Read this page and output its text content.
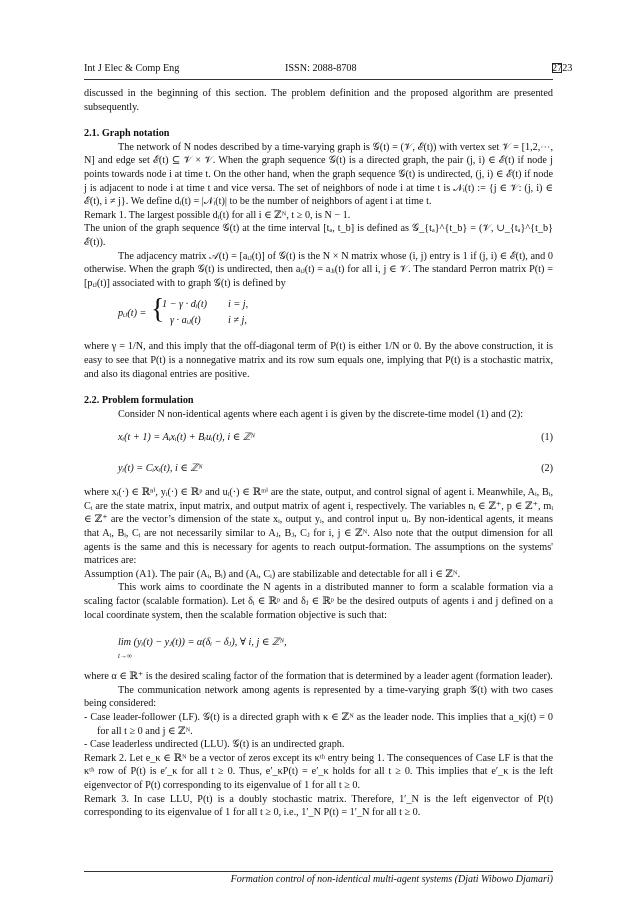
Int J Elec & Comp Eng	ISSN: 2088-8708	2723

discussed in the beginning of this section. The problem definition and the proposed algorithm are presented subsequently.

2.1. Graph notation

The network of N nodes described by a time-varying graph is 𝒢(t) = (𝒱, ℰ(t)) with vertex set 𝒱 = [1,2,⋯, N] and edge set ℰ(t) ⊆ 𝒱 × 𝒱. When the graph sequence 𝒢(t) is a directed graph, the pair (j, i) ∈ ℰ(t) if node j points towards node i at time t. On the other hand, when the graph sequence 𝒢(t) is undirected, (j, i) ∈ ℰ(t) if node j is adjacent to node i at time t and vice versa. The set of neighbors of node i at time t is 𝒩ᵢ(t) := {j ∈ 𝒱: (j, i) ∈ ℰ(t), i ≠ j}. We define dᵢ(t) = |𝒩ᵢ(t)| to be the number of neighbors of agent i at time t.

Remark 1. The largest possible dᵢ(t) for all i ∈ ℤᴺ, t ≥ 0, is N − 1.

The union of the graph sequence 𝒢(t) at the time interval [tₐ, t_b] is defined as 𝒢_{tₐ}^{t_b} = (𝒱, ∪_{tₐ}^{t_b} ℰ(t)).

The adjacency matrix 𝒜(t) = [aᵢⱼ(t)] of 𝒢(t) is the N × N matrix whose (i, j) entry is 1 if (j, i) ∈ ℰ(t), and 0 otherwise. When the graph 𝒢(t) is undirected, then aᵢⱼ(t) = aⱼᵢ(t) for all i, j ∈ 𝒱. The standard Perron matrix P(t) = [pᵢⱼ(t)] associated with to graph 𝒢(t) is defined by

pᵢⱼ(t) = {
1 − γ · dᵢ(t) i = j,
γ · aᵢⱼ(t)	i ≠ j,

where γ = 1/N, and this imply that the off-diagonal term of P(t) is either 1/N or 0. By the above construction, it is easy to see that P(t) is a nonnegative matrix and its row sum equals one, implying that P(t) is a stochastic matrix, and also its diagonal entries are positive.

2.2. Problem formulation

Consider N non-identical agents where each agent i is given by the discrete-time model (1) and (2):

xᵢ(t + 1) = Aᵢxᵢ(t) + Bᵢuᵢ(t), i ∈ ℤᴺ	(1)
yᵢ(t) = Cᵢxᵢ(t), i ∈ ℤᴺ	(2)

where xᵢ(·) ∈ ℝⁿⁱ, yᵢ(·) ∈ ℝᵖ and uᵢ(·) ∈ ℝᵐⁱ are the state, output, and control signal of agent i. Meanwhile, Aᵢ, Bᵢ, Cᵢ are the state matrix, input matrix, and output matrix of agent i, respectively. The variables nᵢ ∈ ℤ⁺, p ∈ ℤ⁺, mᵢ ∈ ℤ⁺ are the vector’s dimension of the state xᵢ, output yᵢ, and control input uᵢ. By non-identical agents, it means that Aᵢ, Bᵢ, Cᵢ are not necessarily similar to Aⱼ, Bⱼ, Cⱼ for i, j ∈ ℤᴺ. Also note that the output dimension for all agents is the same and this is necessary for agents to reach output-formation. The assumptions on the systems' matrices are:

Assumption (A1). The pair (Aᵢ, Bᵢ) and (Aᵢ, Cᵢ) are stabilizable and detectable for all i ∈ ℤᴺ.

This work aims to coordinate the N agents in a distributed manner to form a scalable formation via a scaling factor (scalable formation). Let δᵢ ∈ ℝᵖ and δⱼ ∈ ℝᵖ be the desired outputs of agents i and j defined on a local coordinate system, then the scalable formation objective is such that:

lim (yᵢ(t) − yⱼ(t)) = α(δᵢ − δⱼ), ∀ i, j ∈ ℤᴺ,
t→∞

where α ∈ ℝ⁺ is the desired scaling factor of the formation that is determined by a leader agent (formation leader).

The communication network among agents is represented by a time-varying graph 𝒢(t) with two cases being considered:

- Case leader-follower (LF). 𝒢(t) is a directed graph with κ ∈ ℤᴺ as the leader node. This implies that a_κj(t) = 0 for all t ≥ 0 and j ∈ ℤᴺ.

- Case leaderless undirected (LLU). 𝒢(t) is an undirected graph.

Remark 2. Let e_κ ∈ ℝᴺ be a vector of zeros except its κᵗʰ entry being 1. The consequences of Case LF is that the κᵗʰ row of P(t) is e′_κ for all t ≥ 0. Thus, e′_κP(t) = e′_κ holds for all t ≥ 0. This implies that e′_κ is the left eigenvector of P(t) corresponding to its eigenvalue of 1 for all t ≥ 0.

Remark 3. In case LLU, P(t) is a doubly stochastic matrix. Therefore, 1′_N is the left eigenvector of P(t) corresponding to its eigenvalue of 1 for all t ≥ 0, i.e., 1′_N P(t) = 1′_N for all t ≥ 0.

Formation control of non-identical multi-agent systems (Djati Wibowo Djamari)
